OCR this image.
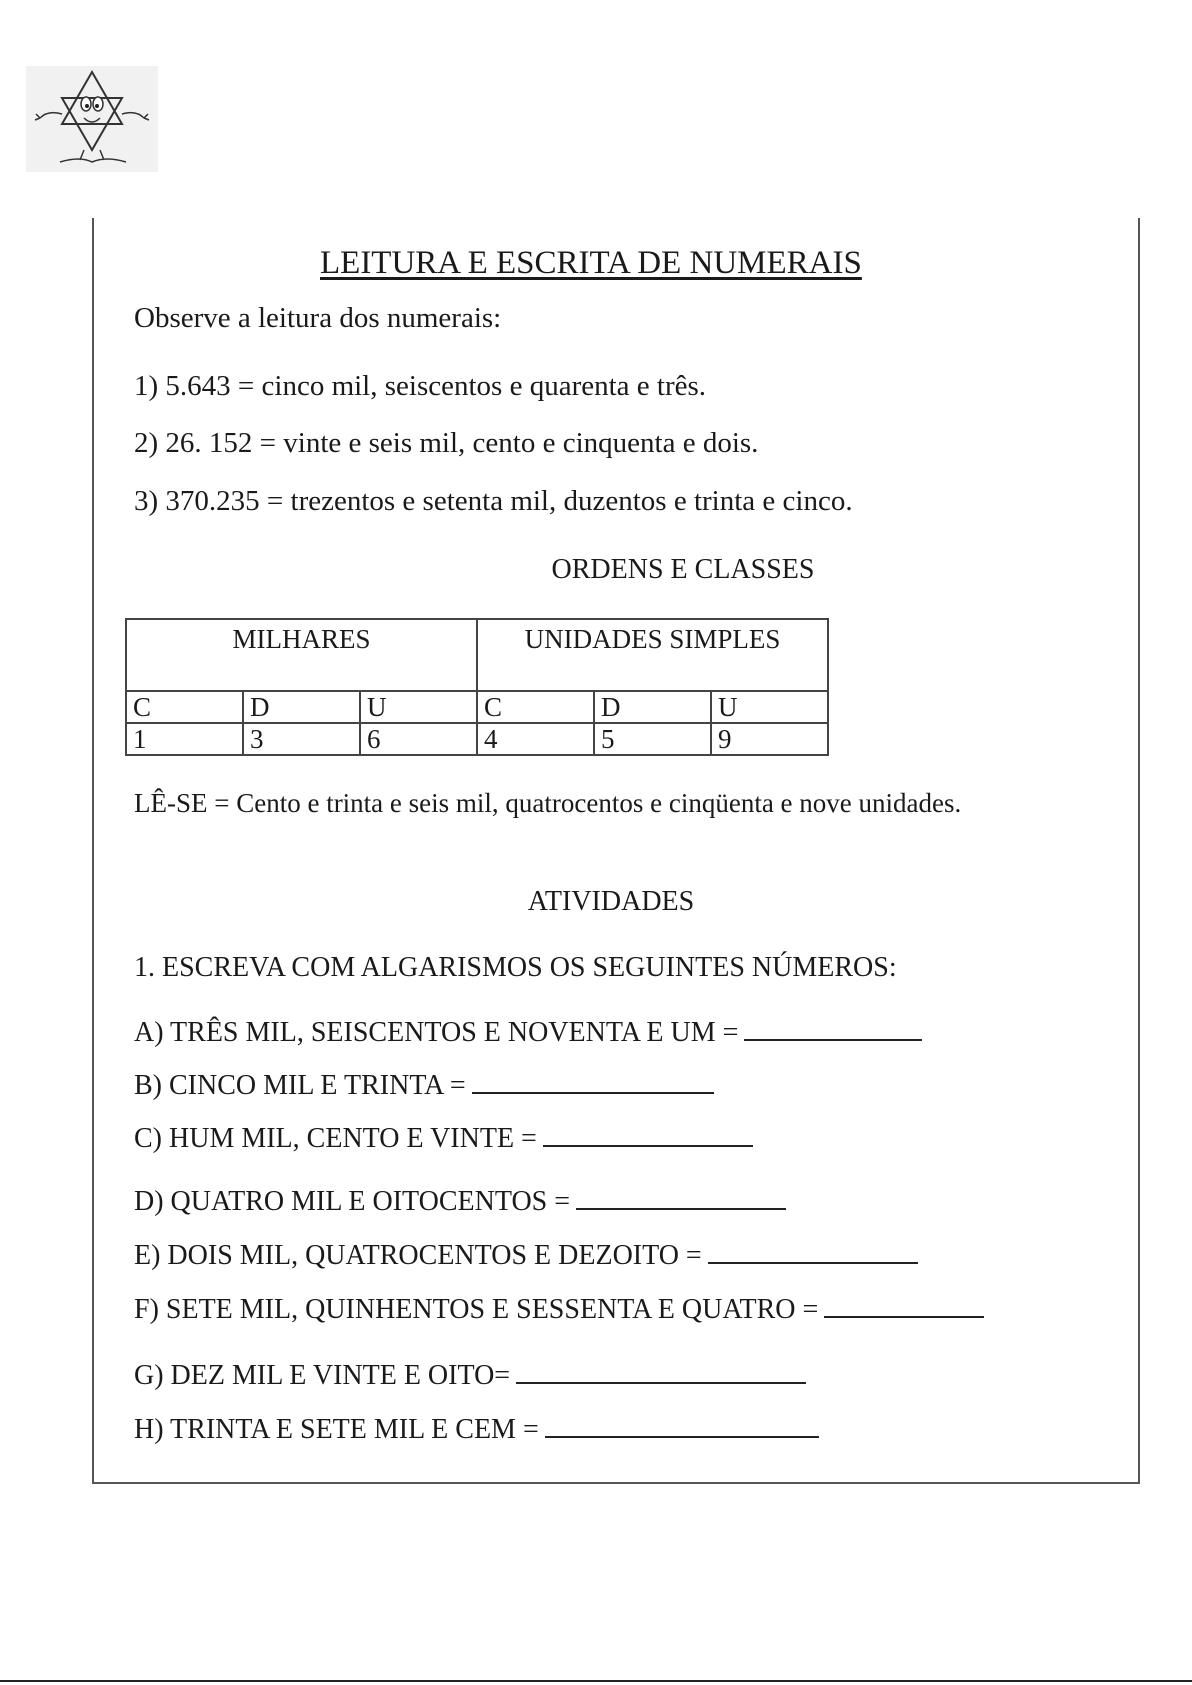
LEITURA E ESCRITA DE NUMERAIS
Observe a leitura dos numerais:
1) 5.643 = cinco mil, seiscentos e quarenta e três.
2) 26. 152 = vinte e seis mil, cento e cinquenta e dois.
3) 370.235 = trezentos e setenta mil, duzentos e trinta e cinco.
ORDENS E CLASSES
MILHARES			UNIDADES SIMPLES		
C	D	U	C	D	U
1	3	6	4	5	9
LÊ-SE = Cento e trinta e seis mil, quatrocentos e cinqüenta e nove unidades.
ATIVIDADES
1. ESCREVA COM ALGARISMOS OS SEGUINTES NÚMEROS:
A) TRÊS MIL, SEISCENTOS E NOVENTA E UM =
B) CINCO MIL E TRINTA =
C) HUM MIL, CENTO E VINTE =
D) QUATRO MIL E OITOCENTOS =
E) DOIS MIL, QUATROCENTOS E DEZOITO =
F) SETE MIL, QUINHENTOS E SESSENTA E QUATRO =
G) DEZ MIL E VINTE E OITO=
H) TRINTA E SETE MIL E CEM =
